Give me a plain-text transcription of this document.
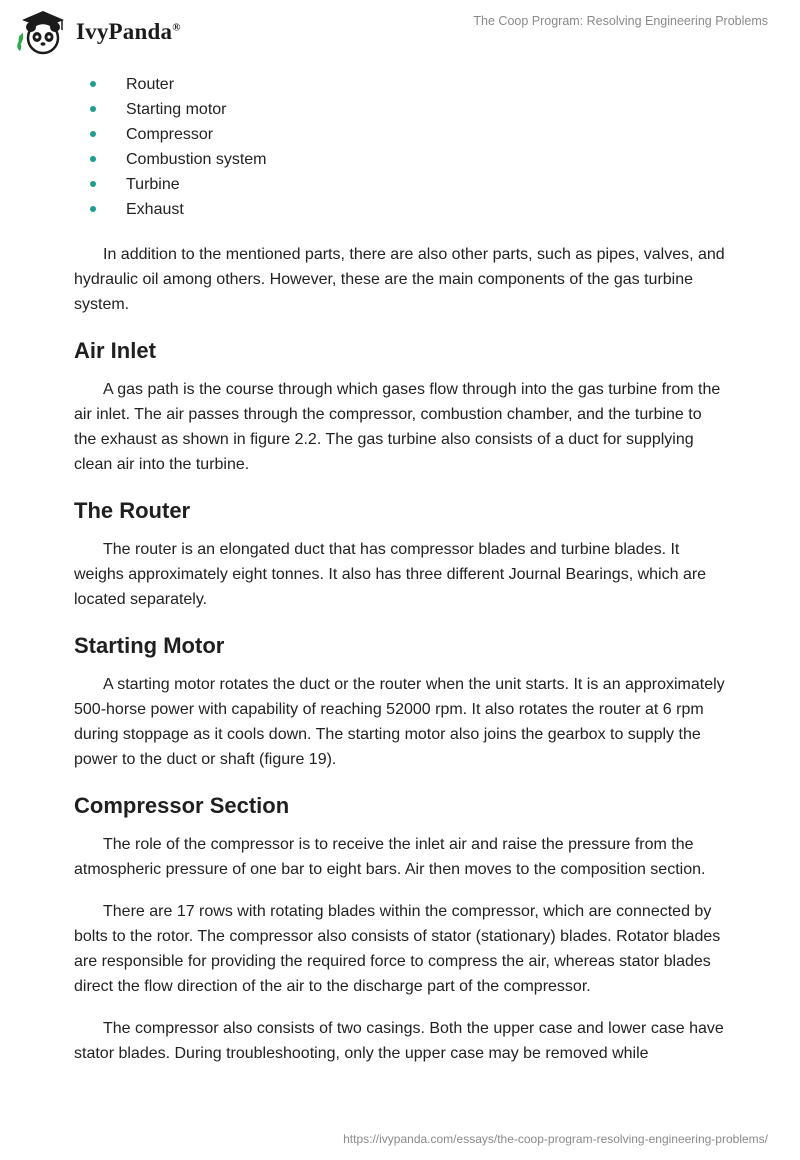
IvyPanda®	The Coop Program: Resolving Engineering Problems
Router
Starting motor
Compressor
Combustion system
Turbine
Exhaust

In addition to the mentioned parts, there are also other parts, such as pipes, valves, and hydraulic oil among others. However, these are the main components of the gas turbine system.

Air Inlet

A gas path is the course through which gases flow through into the gas turbine from the air inlet. The air passes through the compressor, combustion chamber, and the turbine to the exhaust as shown in figure 2.2. The gas turbine also consists of a duct for supplying clean air into the turbine.

The Router

The router is an elongated duct that has compressor blades and turbine blades. It weighs approximately eight tonnes. It also has three different Journal Bearings, which are located separately.

Starting Motor

A starting motor rotates the duct or the router when the unit starts. It is an approximately 500-horse power with capability of reaching 52000 rpm. It also rotates the router at 6 rpm during stoppage as it cools down. The starting motor also joins the gearbox to supply the power to the duct or shaft (figure 19).

Compressor Section

The role of the compressor is to receive the inlet air and raise the pressure from the atmospheric pressure of one bar to eight bars. Air then moves to the composition section.

There are 17 rows with rotating blades within the compressor, which are connected by bolts to the rotor. The compressor also consists of stator (stationary) blades. Rotator blades are responsible for providing the required force to compress the air, whereas stator blades direct the flow direction of the air to the discharge part of the compressor.

The compressor also consists of two casings. Both the upper case and lower case have stator blades. During troubleshooting, only the upper case may be removed while

https://ivypanda.com/essays/the-coop-program-resolving-engineering-problems/
